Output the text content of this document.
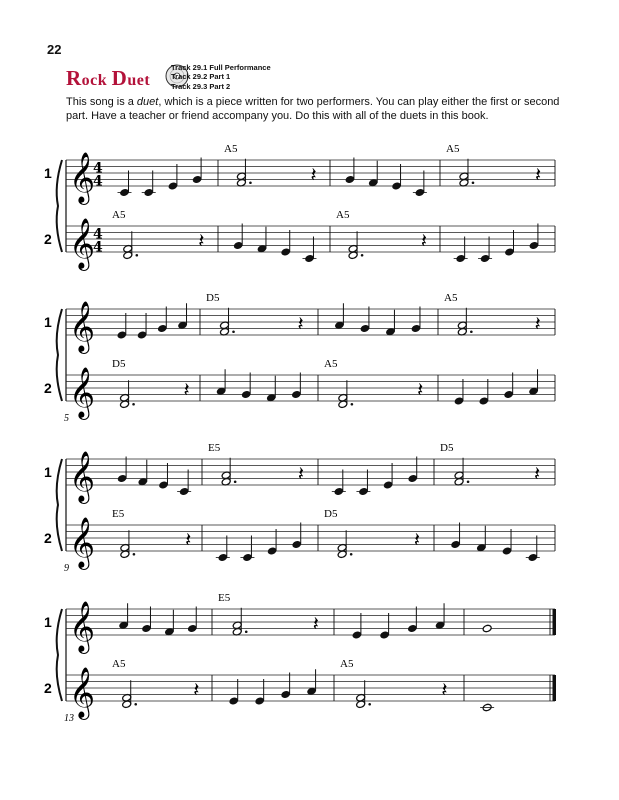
22
Rock Duet
Track 29.1 Full Performance
Track 29.2 Part 1
Track 29.3 Part 2
This song is a duet, which is a piece written for two performers. You can play either the first or second part. Have a teacher or friend accompany you. Do this with all of the duets in this book.
1
2
𝄞
4
4
A5	A5
𝄽	𝄽
𝄞
4
4
A5	A5
𝄽	𝄽
1
2
5
𝄞
D5	A5
𝄽	𝄽
𝄞
D5	A5
𝄽	𝄽
1
2
9
𝄞
E5	D5
𝄽	𝄽
𝄞
E5	D5
𝄽	𝄽
1
2
13
𝄞
E5
𝄽
𝄞
A5	A5
𝄽	𝄽
